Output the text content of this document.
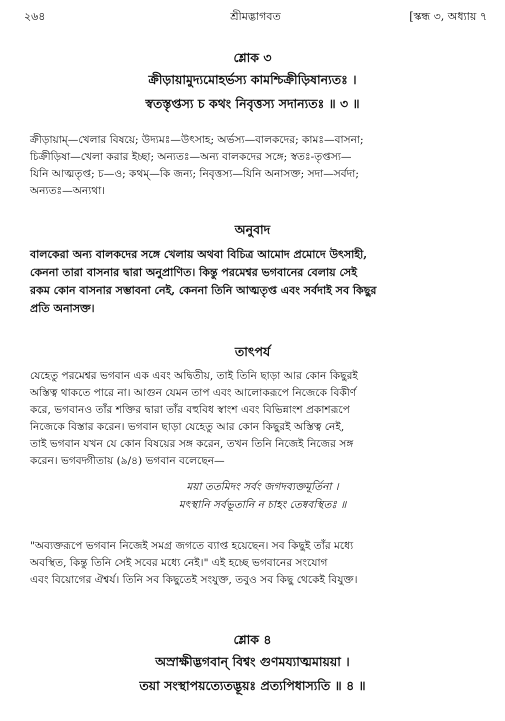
২৬৪	শ্রীমদ্ভাগবত	[স্কন্ধ ৩, অধ্যায় ৭
শ্লোক ৩
ক্রীড়ায়ামুদ্যমোহর্ভস্য কামশ্চিক্রীড়িষান্যতঃ ।
স্বতস্তৃপ্তস্য চ কথং নিবৃত্তস্য সদান্যতঃ ॥ ৩ ॥
ক্রীড়ায়াম্—খেলার বিষয়ে; উদ্যমঃ—উৎসাহ; অর্ভস্য—বালকদের; কামঃ—বাসনা;
চিক্রীড়িষা—খেলা করার ইচ্ছা; অন্যতঃ—অন্য বালকদের সঙ্গে; স্বতঃ-তৃপ্তস্য—
যিনি আত্মতৃপ্ত; চ—ও; কথম্—কি জন্য; নিবৃত্তস্য—যিনি অনাসক্ত; সদা—সর্বদা;
অন্যতঃ—অন্যথা।
অনুবাদ
বালকেরা অন্য বালকদের সঙ্গে খেলায় অথবা বিচিত্র আমোদ প্রমোদে উৎসাহী,
কেননা তারা বাসনার দ্বারা অনুপ্রাণিত। কিন্তু পরমেশ্বর ভগবানের বেলায় সেই
রকম কোন বাসনার সম্ভাবনা নেই, কেননা তিনি আত্মতৃপ্ত এবং সর্বদাই সব কিছুর
প্রতি অনাসক্ত।
তাৎপর্য
যেহেতু পরমেশ্বর ভগবান এক এবং অদ্বিতীয়, তাই তিনি ছাড়া আর কোন কিছুরই
অস্তিত্ব থাকতে পারে না। আগুন যেমন তাপ এবং আলোকরূপে নিজেকে বিকীর্ণ
করে, ভগবানও তাঁর শক্তির দ্বারা তাঁর বহুবিধ স্বাংশ এবং বিভিন্নাংশ প্রকাশরূপে
নিজেকে বিস্তার করেন। ভগবান ছাড়া যেহেতু আর কোন কিছুরই অস্তিত্ব নেই,
তাই ভগবান যখন যে কোন বিষয়ের সঙ্গ করেন, তখন তিনি নিজেই নিজের সঙ্গ
করেন। ভগবদ্গীতায় (৯/৪) ভগবান বলেছেন—
ময়া ততমিদং সর্বং জগদব্যক্তমূর্তিনা ।
মৎস্থানি সর্বভূতানি ন চাহং তেষ্ববস্থিতঃ ॥
"অব্যক্তরূপে ভগবান নিজেই সমগ্র জগতে ব্যাপ্ত হয়েছেন। সব কিছুই তাঁর মধ্যে
অবস্থিত, কিন্তু তিনি সেই সবের মধ্যে নেই।" এই হচ্ছে ভগবানের সংযোগ
এবং বিয়োগের ঐশ্বর্য। তিনি সব কিছুতেই সংযুক্ত, তবুও সব কিছু থেকেই বিযুক্ত।
শ্লোক ৪
অস্রাক্ষীদ্ভগবান্ বিশ্বং গুণময্যাত্মমায়য়া ।
তয়া সংস্থাপয়ত্যেতদ্ভূয়ঃ প্রত্যপিধাস্যতি ॥ ৪ ॥
